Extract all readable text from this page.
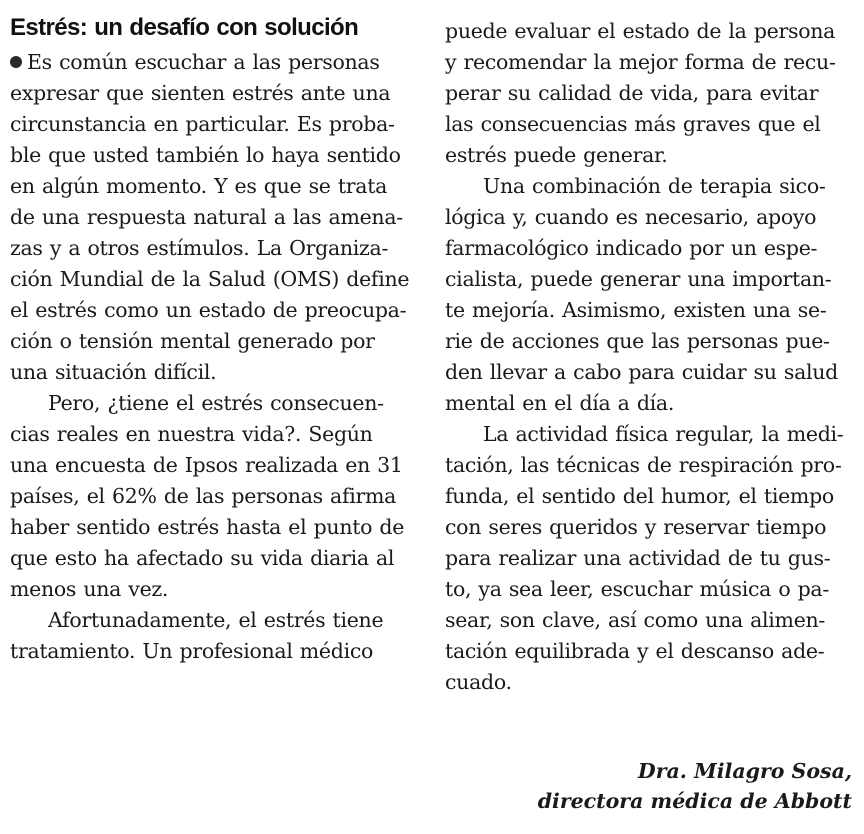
Estrés: un desafío con solución
Es común escuchar a las personas
expresar que sienten estrés ante una
circunstancia en particular. Es proba-
ble que usted también lo haya sentido
en algún momento. Y es que se trata
de una respuesta natural a las amena-
zas y a otros estímulos. La Organiza-
ción Mundial de la Salud (OMS) define
el estrés como un estado de preocupa-
ción o tensión mental generado por
una situación difícil.
Pero, ¿tiene el estrés consecuen-
cias reales en nuestra vida?. Según
una encuesta de Ipsos realizada en 31
países, el 62% de las personas afirma
haber sentido estrés hasta el punto de
que esto ha afectado su vida diaria al
menos una vez.
Afortunadamente, el estrés tiene
tratamiento. Un profesional médico
puede evaluar el estado de la persona
y recomendar la mejor forma de recu-
perar su calidad de vida, para evitar
las consecuencias más graves que el
estrés puede generar.
Una combinación de terapia sico-
lógica y, cuando es necesario, apoyo
farmacológico indicado por un espe-
cialista, puede generar una importan-
te mejoría. Asimismo, existen una se-
rie de acciones que las personas pue-
den llevar a cabo para cuidar su salud
mental en el día a día.
La actividad física regular, la medi-
tación, las técnicas de respiración pro-
funda, el sentido del humor, el tiempo
con seres queridos y reservar tiempo
para realizar una actividad de tu gus-
to, ya sea leer, escuchar música o pa-
sear, son clave, así como una alimen-
tación equilibrada y el descanso ade-
cuado.
Dra. Milagro Sosa,
directora médica de Abbott
